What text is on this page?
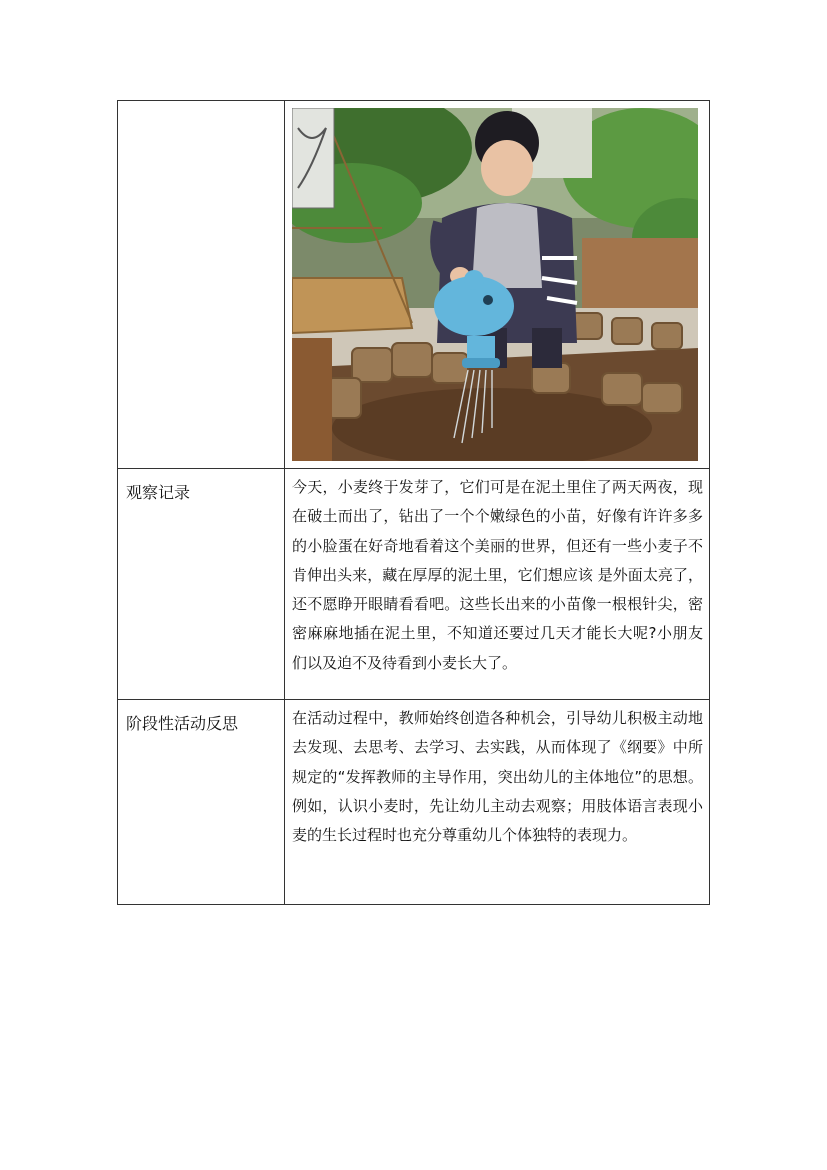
观察记录	今天，小麦终于发芽了，它们可是在泥土里住了两天两夜，现在破土而出了，钻出了一个个嫩绿色的小苗，好像有许许多多的小脸蛋在好奇地看着这个美丽的世界，但还有一些小麦子不肯伸出头来，藏在厚厚的泥土里，它们想应该 是外面太亮了，还不愿睁开眼睛看看吧。这些长出来的小苗像一根根针尖，密密麻麻地插在泥土里，不知道还要过几天才能长大呢?小朋友们以及迫不及待看到小麦长大了。

阶段性活动反思	在活动过程中，教师始终创造各种机会，引导幼儿积极主动地去发现、去思考、去学习、去实践，从而体现了《纲要》中所规定的“发挥教师的主导作用，突出幼儿的主体地位”的思想。例如，认识小麦时，先让幼儿主动去观察；用肢体语言表现小麦的生长过程时也充分尊重幼儿个体独特的表现力。
